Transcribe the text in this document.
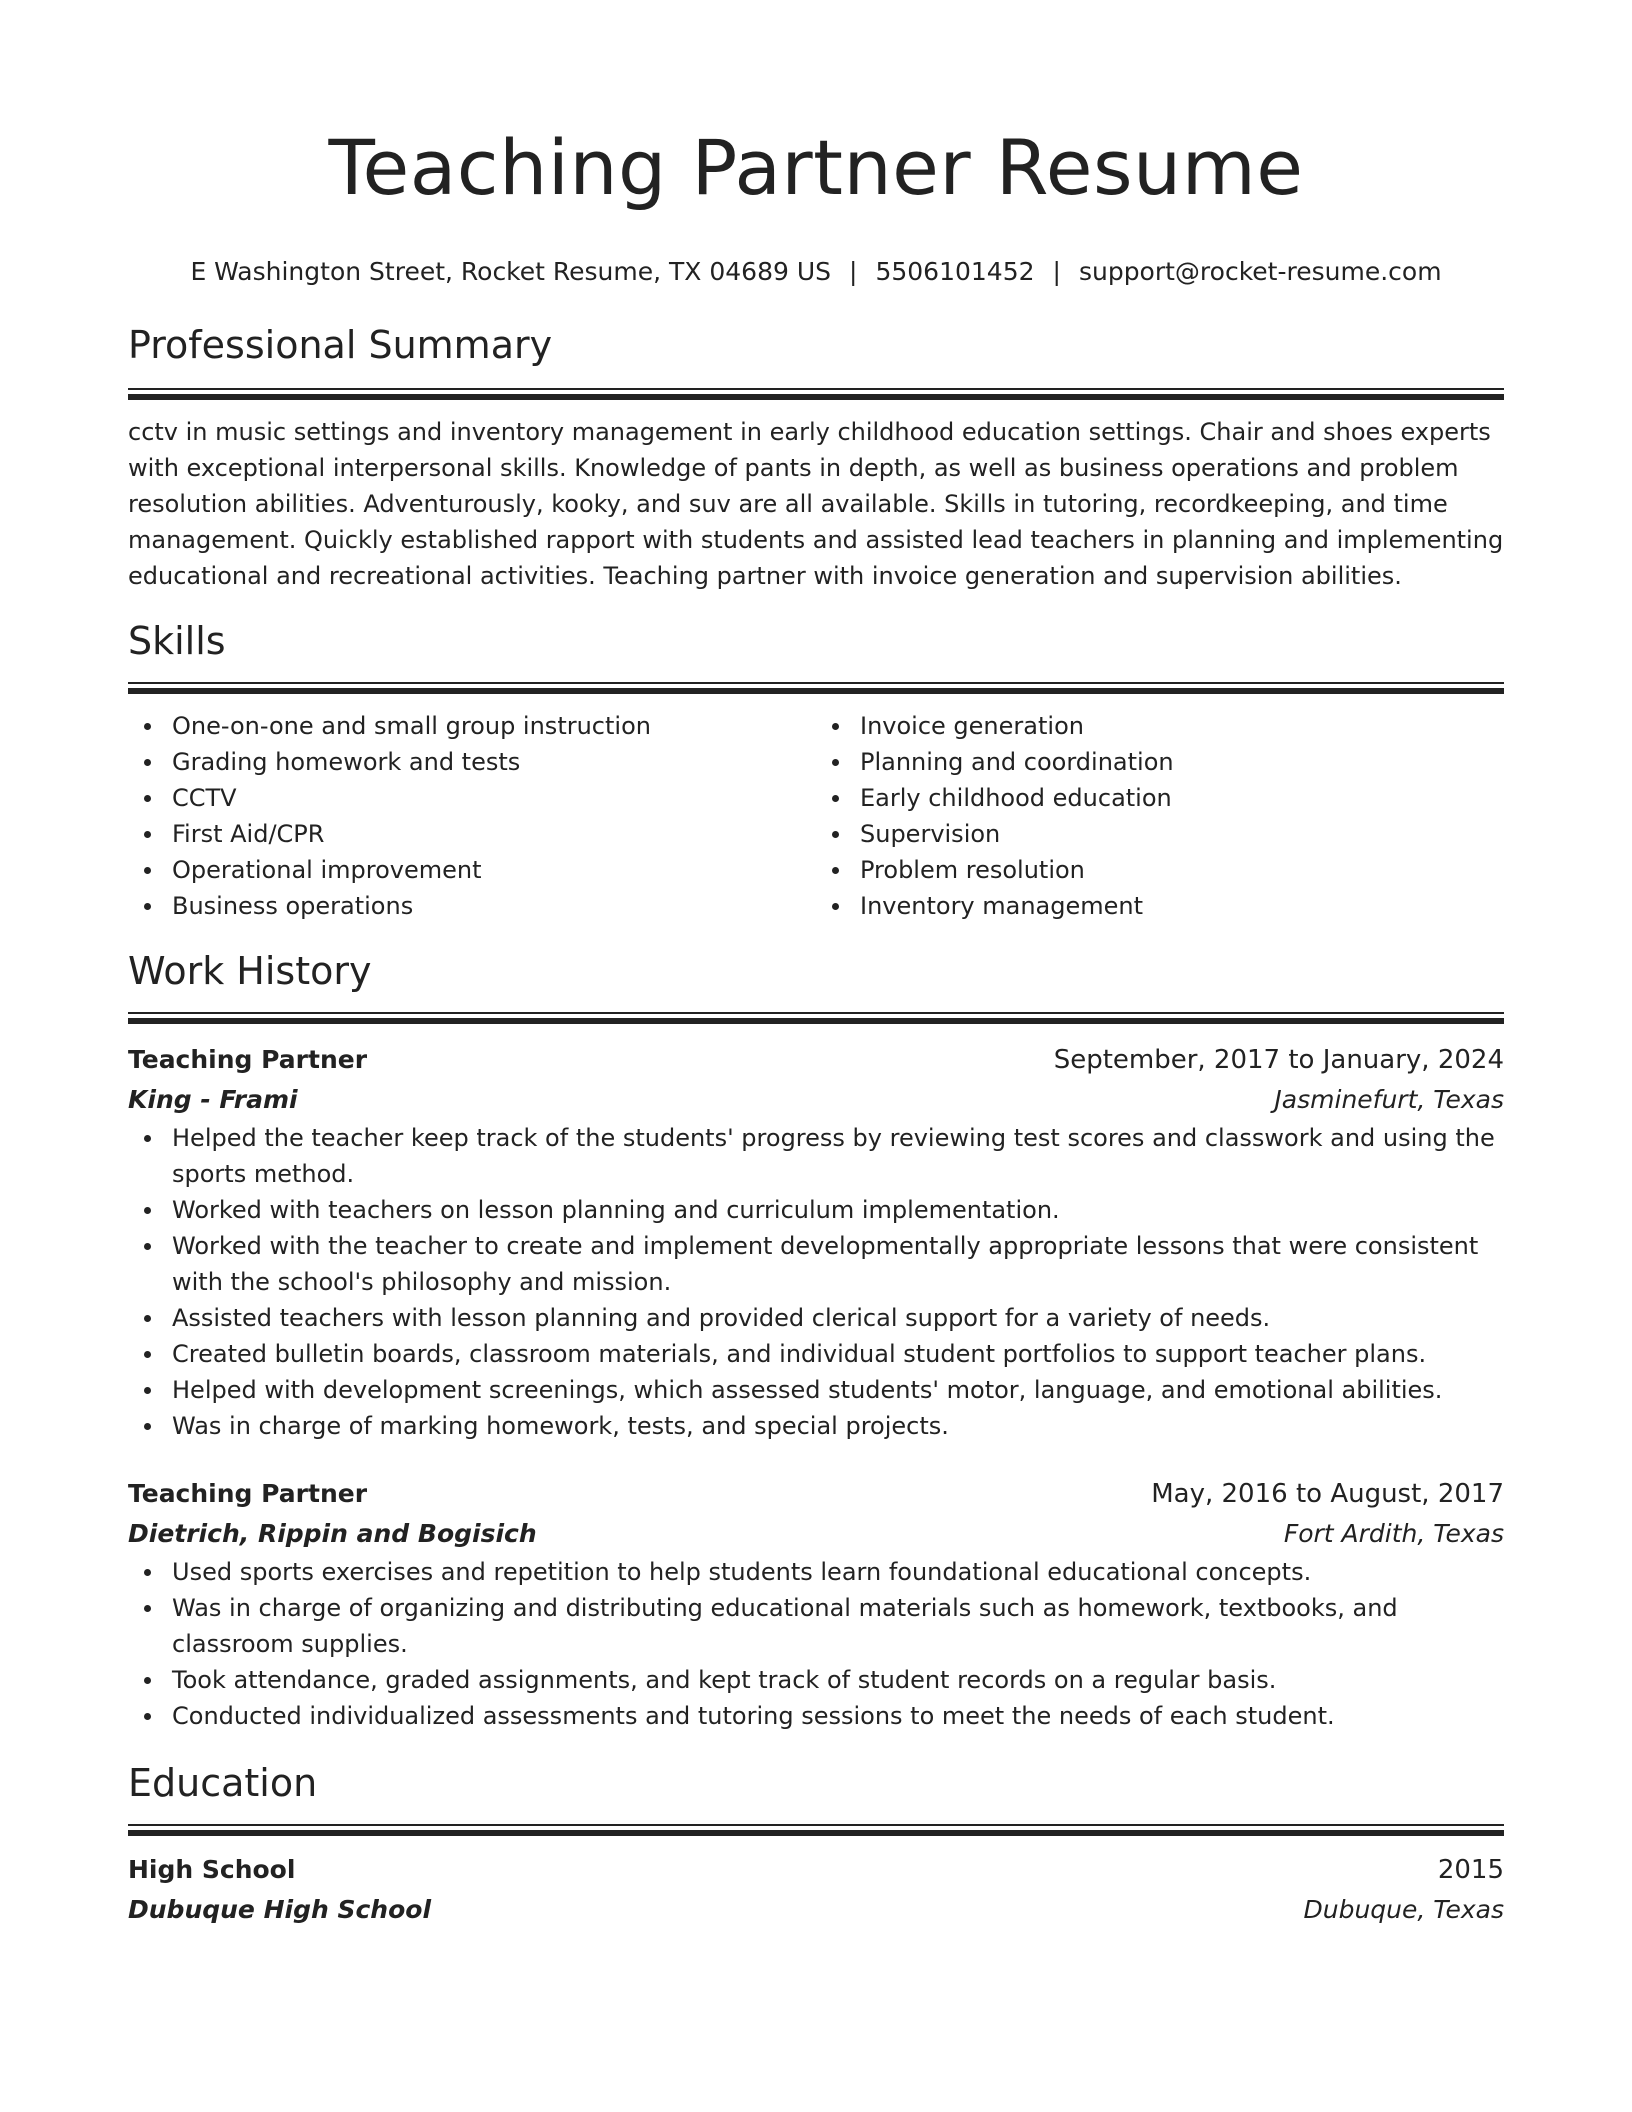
Teaching Partner Resume
E Washington Street, Rocket Resume, TX 04689 US | 5506101452 | support@rocket-resume.com
Professional Summary

cctv in music settings and inventory management in early childhood education settings. Chair and shoes experts with exceptional interpersonal skills. Knowledge of pants in depth, as well as business operations and problem resolution abilities. Adventurously, kooky, and suv are all available. Skills in tutoring, recordkeeping, and time management. Quickly established rapport with students and assisted lead teachers in planning and implementing educational and recreational activities. Teaching partner with invoice generation and supervision abilities.

Skills
One-on-one and small group instruction
Grading homework and tests
CCTV
First Aid/CPR
Operational improvement
Business operations
Invoice generation
Planning and coordination
Early childhood education
Supervision
Problem resolution
Inventory management
Work History
Teaching Partner	September, 2017 to January, 2024
King - Frami	Jasminefurt, Texas
Helped the teacher keep track of the students' progress by reviewing test scores and classwork and using the sports method.
Worked with teachers on lesson planning and curriculum implementation.
Worked with the teacher to create and implement developmentally appropriate lessons that were consistent with the school's philosophy and mission.
Assisted teachers with lesson planning and provided clerical support for a variety of needs.
Created bulletin boards, classroom materials, and individual student portfolios to support teacher plans.
Helped with development screenings, which assessed students' motor, language, and emotional abilities.
Was in charge of marking homework, tests, and special projects.
Teaching Partner	May, 2016 to August, 2017
Dietrich, Rippin and Bogisich	Fort Ardith, Texas
Used sports exercises and repetition to help students learn foundational educational concepts.
Was in charge of organizing and distributing educational materials such as homework, textbooks, and classroom supplies.
Took attendance, graded assignments, and kept track of student records on a regular basis.
Conducted individualized assessments and tutoring sessions to meet the needs of each student.
Education
High School	2015
Dubuque High School	Dubuque, Texas
